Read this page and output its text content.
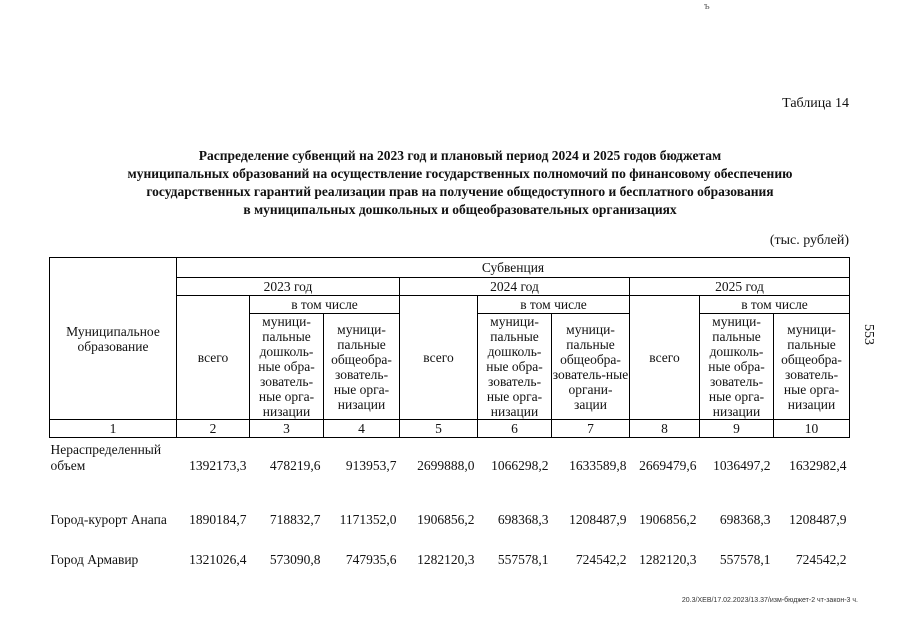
ъ
Таблица 14
Распределение субвенций на 2023 год и плановый период 2024 и 2025 годов бюджетам
муниципальных образований на осуществление государственных полномочий по финансовому обеспечению
государственных гарантий реализации прав на получение общедоступного и бесплатного образования
в муниципальных дошкольных и общеобразовательных организациях
(тыс. рублей)
553
Муниципальное образование	Субвенция								
	2023 год			2024 год			2025 год		
	всего	в том числе		всего	в том числе		всего	в том числе	
		муници-пальные дошколь-ные обра-зователь-ные орга-низации	муници-пальные общеобра-зователь-ные орга-низации		муници-пальные дошколь-ные обра-зователь-ные орга-низации	муници-пальные общеобра-зователь-ные органи-зации		муници-пальные дошколь-ные обра-зователь-ные орга-низации	муници-пальные общеобра-зователь-ные орга-низации
1	2	3	4	5	6	7	8	9	10
Нераспределенный объем	1392173,3	478219,6	913953,7	2699888,0	1066298,2	1633589,8	2669479,6	1036497,2	1632982,4

Город-курорт Анапа	1890184,7	718832,7	1171352,0	1906856,2	698368,3	1208487,9	1906856,2	698368,3	1208487,9

Город Армавир	1321026,4	573090,8	747935,6	1282120,3	557578,1	724542,2	1282120,3	557578,1	724542,2
20.3/ХЕВ/17.02.2023/13.37/изм-бюджет-2 чт-закон-3 ч.
